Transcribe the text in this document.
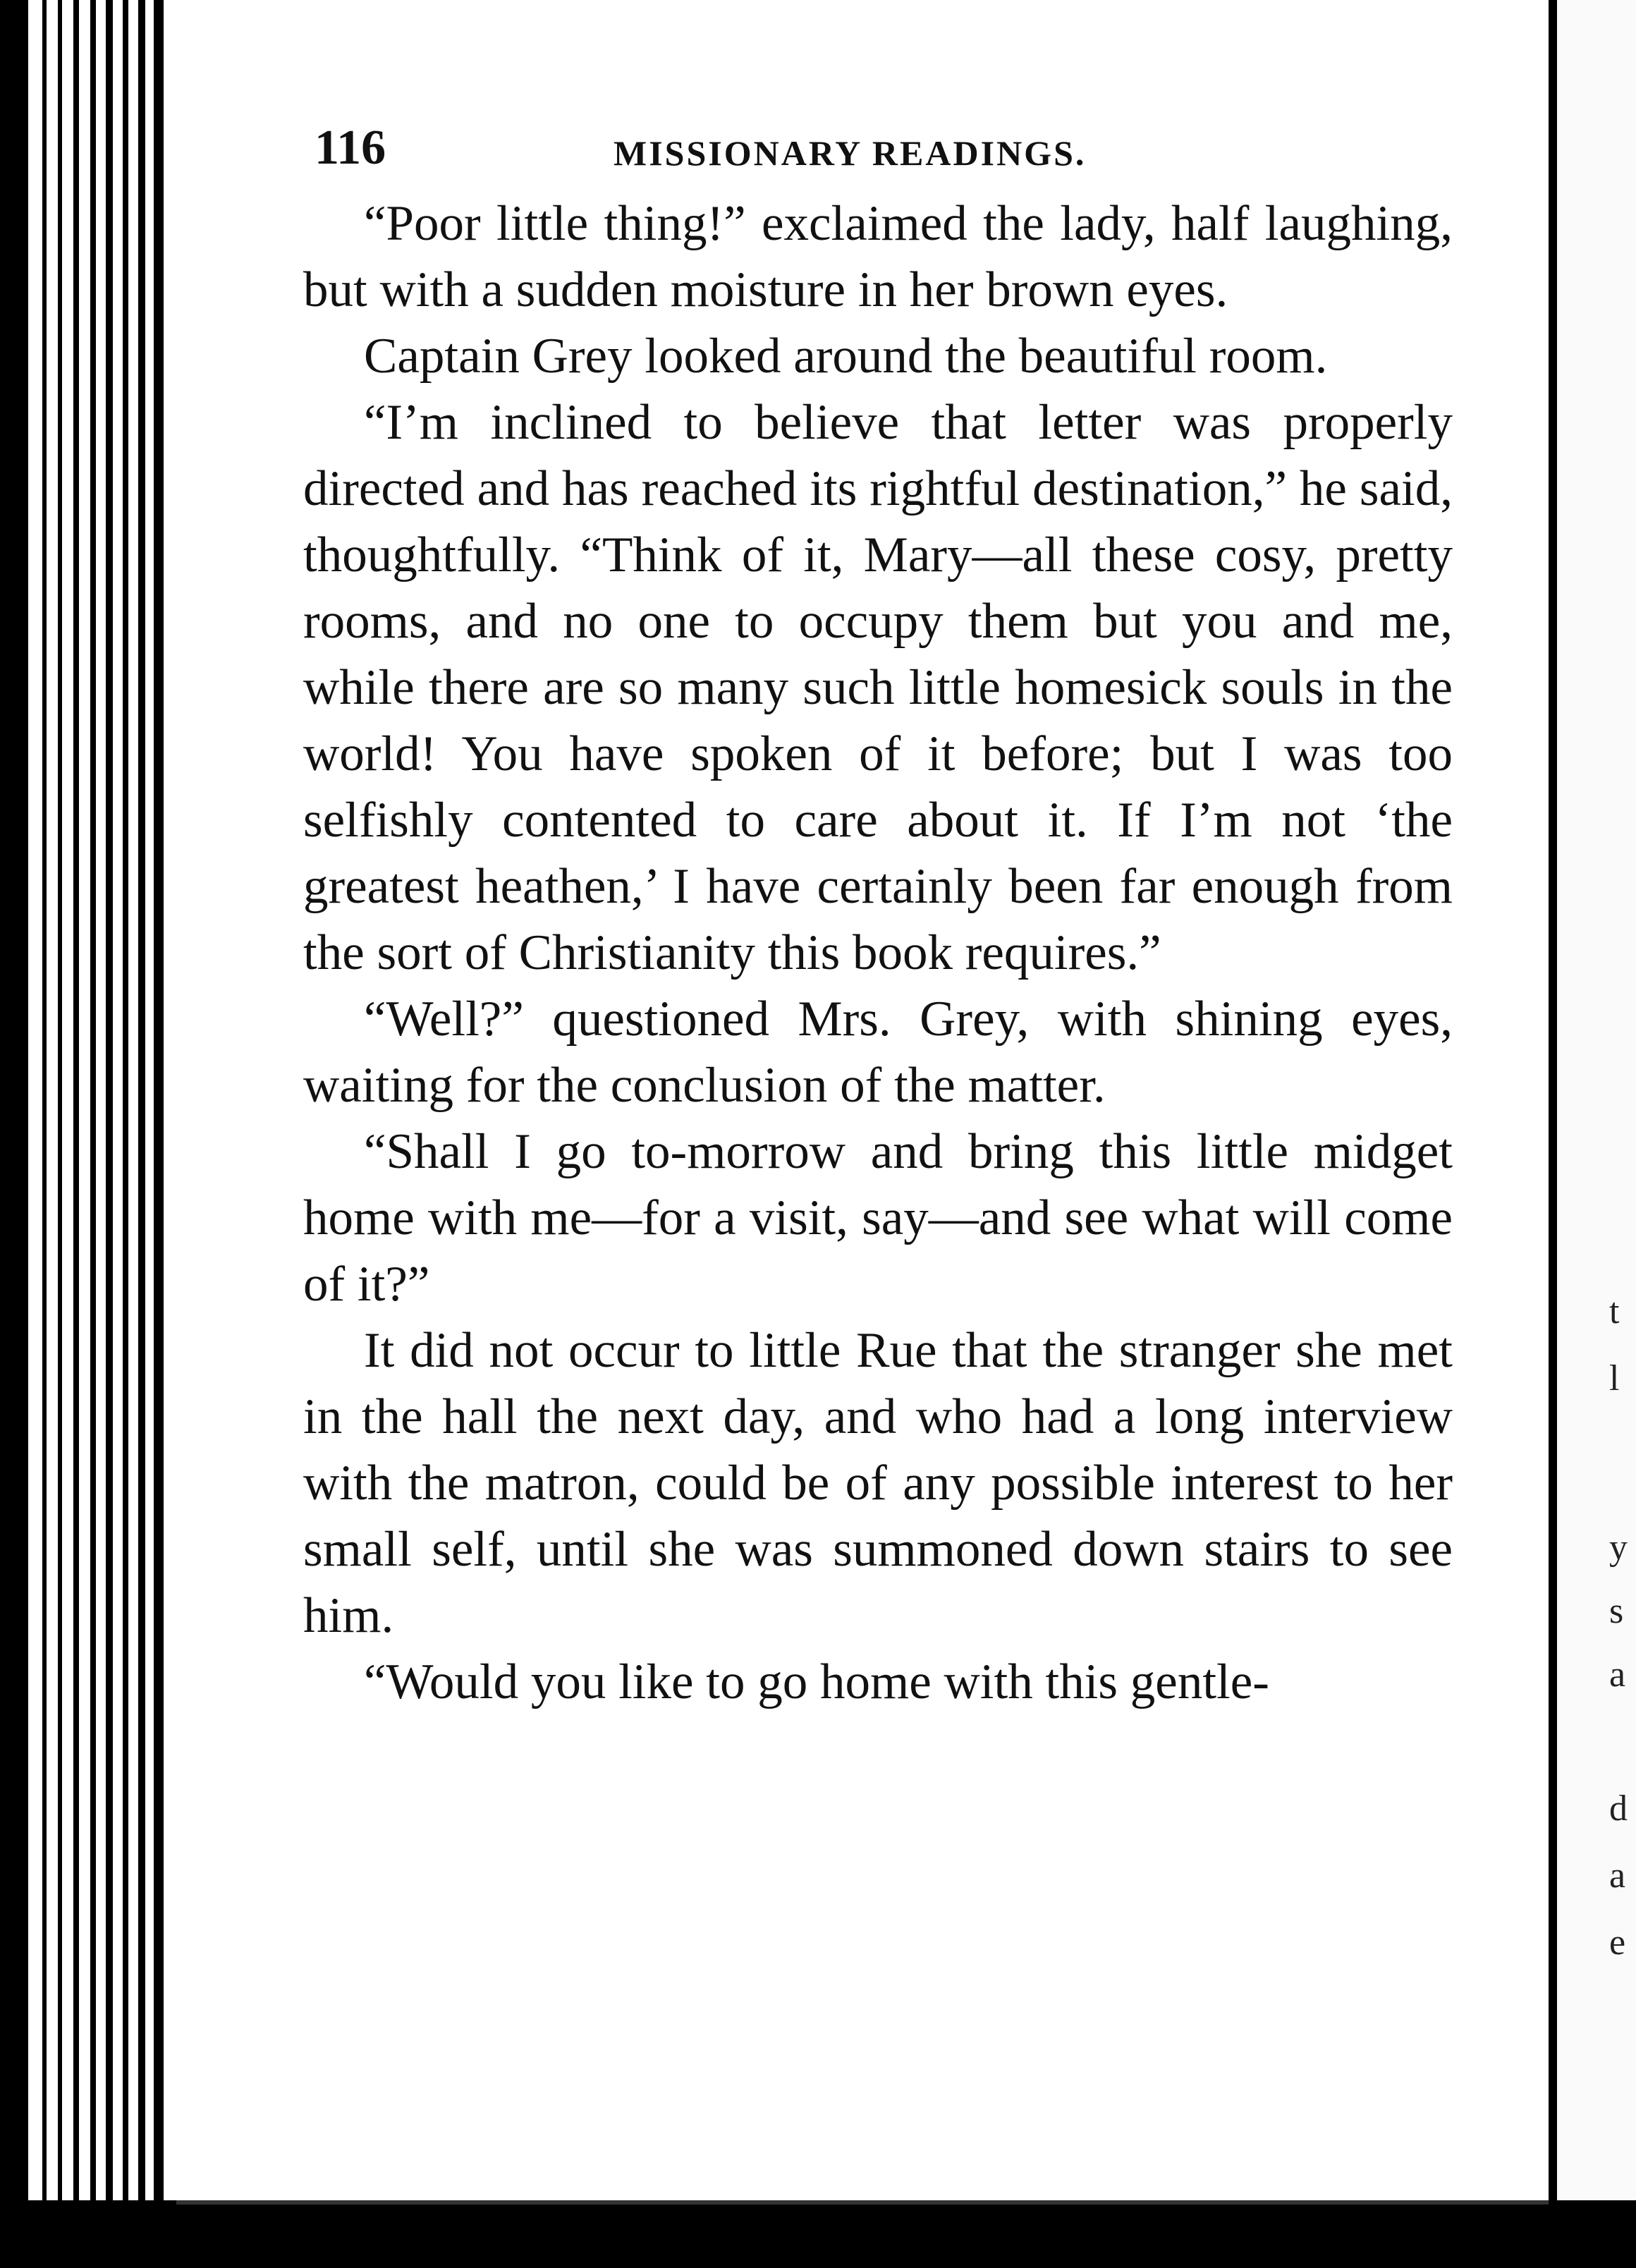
t
l
y
s
a
d
a
e
116	MISSIONARY READINGS.

“Poor little thing!” exclaimed the lady, half laughing, but with a sudden moisture in her brown eyes.

Captain Grey looked around the beautiful room.

“I’m inclined to believe that letter was properly directed and has reached its rightful destination,” he said, thoughtfully. “Think of it, Mary—all these cosy, pretty rooms, and no one to occupy them but you and me, while there are so many such little homesick souls in the world! You have spoken of it before; but I was too selfishly contented to care about it. If I’m not ‘the greatest heathen,’ I have certainly been far enough from the sort of Christianity this book requires.”

“Well?” questioned Mrs. Grey, with shining eyes, waiting for the conclusion of the matter.

“Shall I go to-morrow and bring this little midget home with me—for a visit, say—and see what will come of it?”

It did not occur to little Rue that the stranger she met in the hall the next day, and who had a long interview with the matron, could be of any possible interest to her small self, until she was summoned down stairs to see him.

“Would you like to go home with this gentle-
